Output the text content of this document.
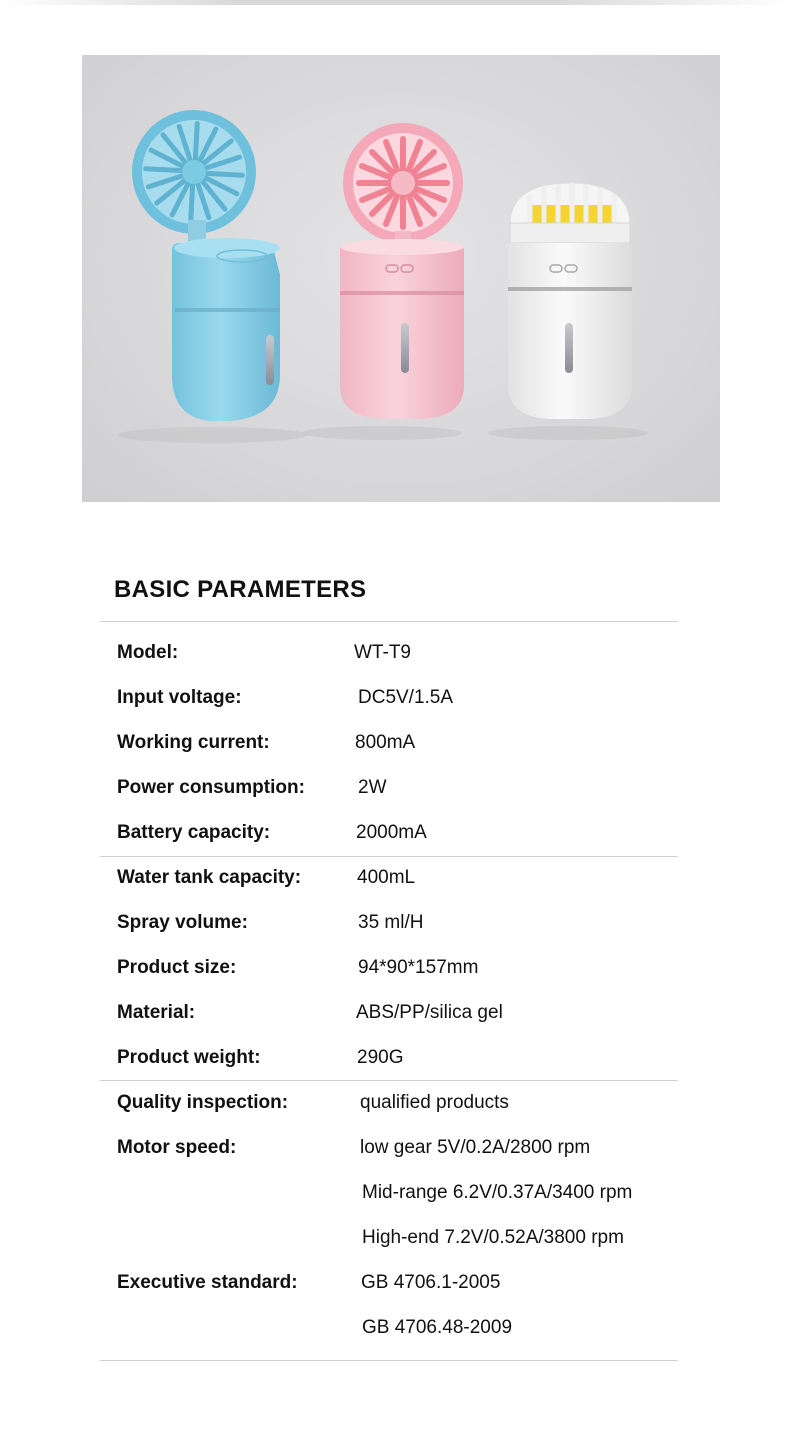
BASIC PARAMETERS
Model:	WT-T9
Input voltage:	DC5V/1.5A
Working current:	800mA
Power consumption:	2W
Battery capacity:	2000mA
Water tank capacity:	400mL
Spray volume:	35 ml/H
Product size:	94*90*157mm
Material:	ABS/PP/silica gel
Product weight:	290G
Quality inspection:	qualified products
Motor speed:	low gear 5V/0.2A/2800 rpm
Mid-range 6.2V/0.37A/3400 rpm
High-end 7.2V/0.52A/3800 rpm
Executive standard:	GB 4706.1-2005
GB 4706.48-2009
